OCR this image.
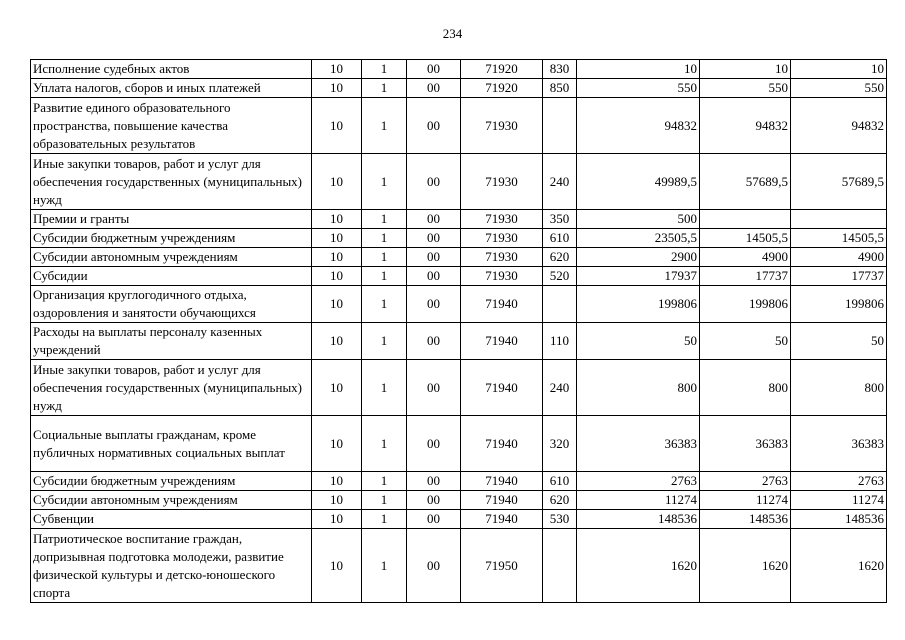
234
Исполнение судебных актов	10	1	00	71920	830	10	10	10
Уплата налогов, сборов и иных платежей	10	1	00	71920	850	550	550	550
Развитие единого образовательного пространства, повышение качества образовательных результатов	10	1	00	71930		94832	94832	94832
Иные закупки товаров, работ и услуг для обеспечения государственных (муниципальных) нужд	10	1	00	71930	240	49989,5	57689,5	57689,5
Премии и гранты	10	1	00	71930	350	500		
Субсидии бюджетным учреждениям	10	1	00	71930	610	23505,5	14505,5	14505,5
Субсидии автономным учреждениям	10	1	00	71930	620	2900	4900	4900
Субсидии	10	1	00	71930	520	17937	17737	17737
Организация круглогодичного отдыха, оздоровления и занятости обучающихся	10	1	00	71940		199806	199806	199806
Расходы на выплаты персоналу казенных учреждений	10	1	00	71940	110	50	50	50
Иные закупки товаров, работ и услуг для обеспечения государственных (муниципальных) нужд	10	1	00	71940	240	800	800	800
Социальные выплаты гражданам, кроме публичных нормативных социальных выплат	10	1	00	71940	320	36383	36383	36383
Субсидии бюджетным учреждениям	10	1	00	71940	610	2763	2763	2763
Субсидии автономным учреждениям	10	1	00	71940	620	11274	11274	11274
Субвенции	10	1	00	71940	530	148536	148536	148536
Патриотическое воспитание граждан, допризывная подготовка молодежи, развитие физической культуры и детско-юношеского спорта	10	1	00	71950		1620	1620	1620
